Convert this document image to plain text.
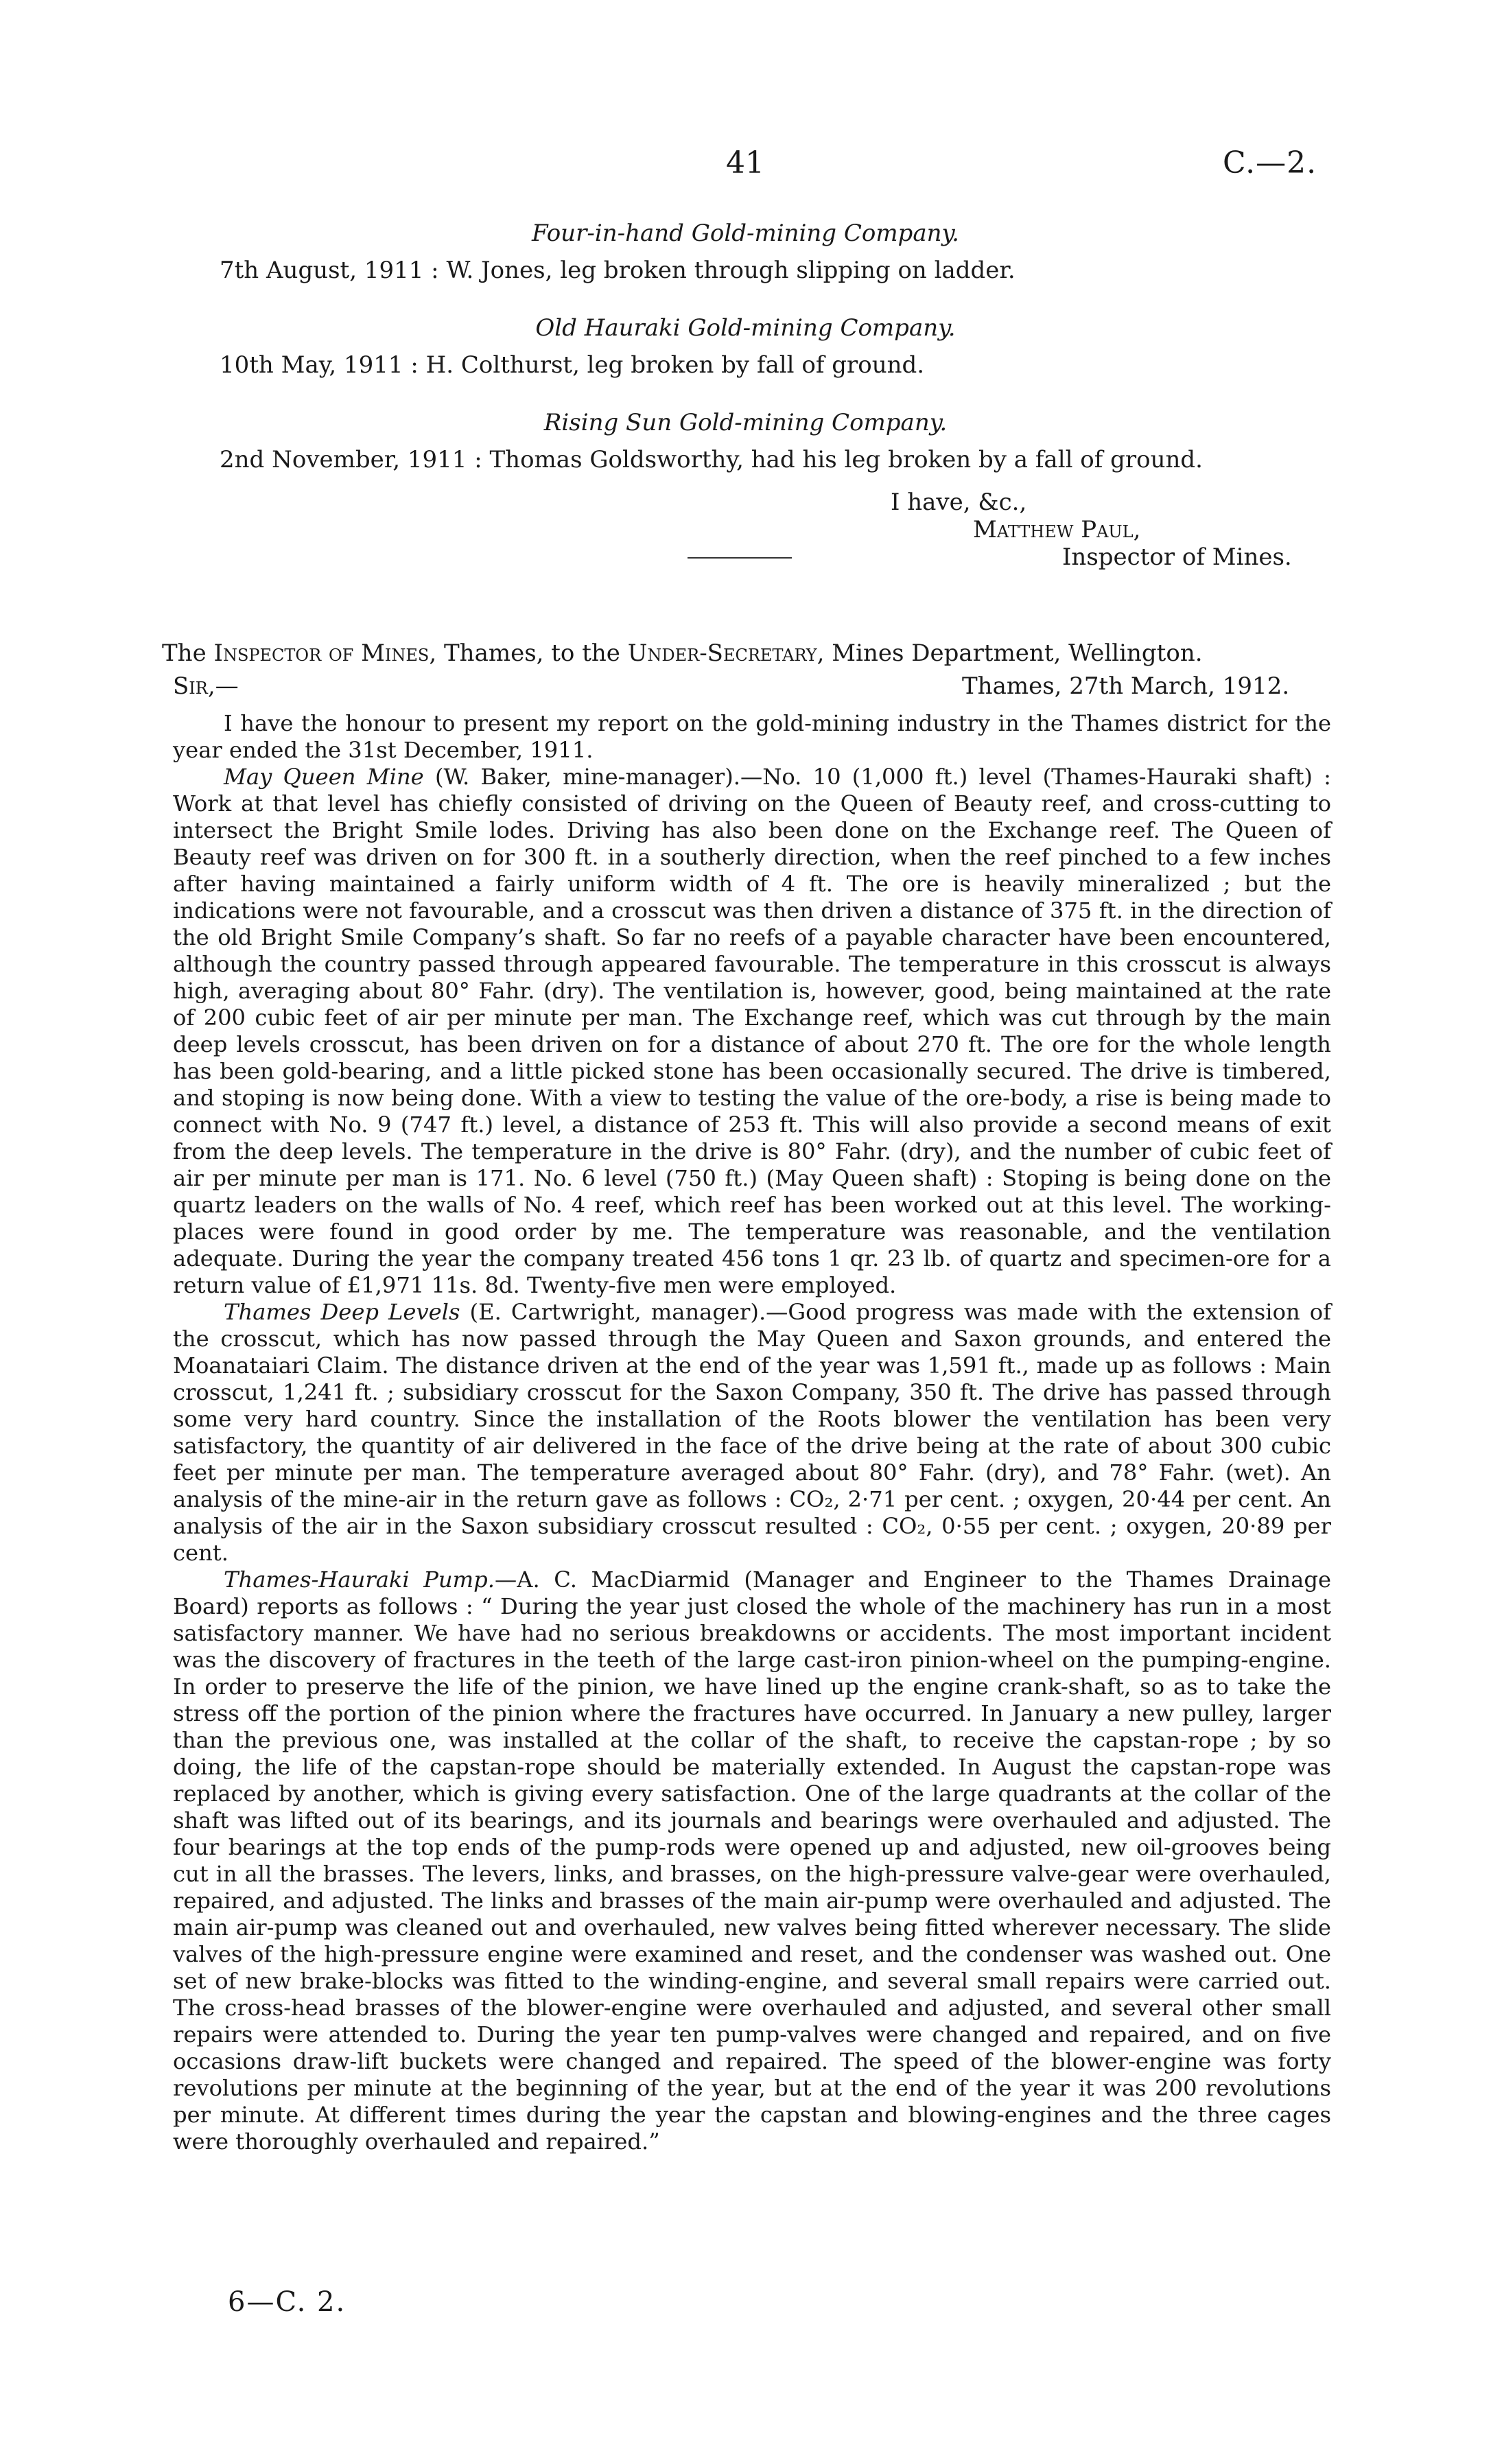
41	C.—2.
Four-in-hand Gold-mining Company.
7th August, 1911 : W. Jones, leg broken through slipping on ladder.
Old Hauraki Gold-mining Company.
10th May, 1911 : H. Colthurst, leg broken by fall of ground.
Rising Sun Gold-mining Company.
2nd November, 1911 : Thomas Goldsworthy, had his leg broken by a fall of ground.
I have, &c.,
Matthew Paul,
Inspector of Mines.
The Inspector of Mines, Thames, to the Under-Secretary, Mines Department, Wellington.
Sir,—	Thames, 27th March, 1912.

I have the honour to present my report on the gold-mining industry in the Thames district for the year ended the 31st December, 1911.

May Queen Mine (W. Baker, mine-manager).—No. 10 (1,000 ft.) level (Thames-Hauraki shaft) : Work at that level has chiefly consisted of driving on the Queen of Beauty reef, and cross-cutting to intersect the Bright Smile lodes. Driving has also been done on the Exchange reef. The Queen of Beauty reef was driven on for 300 ft. in a southerly direction, when the reef pinched to a few inches after having maintained a fairly uniform width of 4 ft. The ore is heavily mineralized ; but the indications were not favourable, and a crosscut was then driven a distance of 375 ft. in the direction of the old Bright Smile Company’s shaft. So far no reefs of a payable character have been encountered, although the country passed through appeared favourable. The temperature in this crosscut is always high, averaging about 80° Fahr. (dry). The ventilation is, however, good, being maintained at the rate of 200 cubic feet of air per minute per man. The Exchange reef, which was cut through by the main deep levels crosscut, has been driven on for a distance of about 270 ft. The ore for the whole length has been gold-bearing, and a little picked stone has been occasionally secured. The drive is timbered, and stoping is now being done. With a view to testing the value of the ore-body, a rise is being made to connect with No. 9 (747 ft.) level, a distance of 253 ft. This will also provide a second means of exit from the deep levels. The temperature in the drive is 80° Fahr. (dry), and the number of cubic feet of air per minute per man is 171. No. 6 level (750 ft.) (May Queen shaft) : Stoping is being done on the quartz leaders on the walls of No. 4 reef, which reef has been worked out at this level. The working-places were found in good order by me. The temperature was reasonable, and the ventilation adequate. During the year the company treated 456 tons 1 qr. 23 lb. of quartz and specimen-ore for a return value of £1,971 11s. 8d. Twenty-five men were employed.

Thames Deep Levels (E. Cartwright, manager).—Good progress was made with the extension of the crosscut, which has now passed through the May Queen and Saxon grounds, and entered the Moanataiari Claim. The distance driven at the end of the year was 1,591 ft., made up as follows : Main crosscut, 1,241 ft. ; subsidiary crosscut for the Saxon Company, 350 ft. The drive has passed through some very hard country. Since the installation of the Roots blower the ventilation has been very satisfactory, the quantity of air delivered in the face of the drive being at the rate of about 300 cubic feet per minute per man. The temperature averaged about 80° Fahr. (dry), and 78° Fahr. (wet). An analysis of the mine-air in the return gave as follows : CO₂, 2·71 per cent. ; oxygen, 20·44 per cent. An analysis of the air in the Saxon subsidiary crosscut resulted : CO₂, 0·55 per cent. ; oxygen, 20·89 per cent.

Thames-Hauraki Pump.—A. C. MacDiarmid (Manager and Engineer to the Thames Drainage Board) reports as follows : “ During the year just closed the whole of the machinery has run in a most satisfactory manner. We have had no serious breakdowns or accidents. The most important incident was the discovery of fractures in the teeth of the large cast-iron pinion-wheel on the pumping-engine. In order to preserve the life of the pinion, we have lined up the engine crank-shaft, so as to take the stress off the portion of the pinion where the fractures have occurred. In January a new pulley, larger than the previous one, was installed at the collar of the shaft, to receive the capstan-rope ; by so doing, the life of the capstan-rope should be materially extended. In August the capstan-rope was replaced by another, which is giving every satisfaction. One of the large quadrants at the collar of the shaft was lifted out of its bearings, and its journals and bearings were overhauled and adjusted. The four bearings at the top ends of the pump-rods were opened up and adjusted, new oil-grooves being cut in all the brasses. The levers, links, and brasses, on the high-pressure valve-gear were overhauled, repaired, and adjusted. The links and brasses of the main air-pump were overhauled and adjusted. The main air-pump was cleaned out and overhauled, new valves being fitted wherever necessary. The slide valves of the high-pressure engine were examined and reset, and the condenser was washed out. One set of new brake-blocks was fitted to the winding-engine, and several small repairs were carried out. The cross-head brasses of the blower-engine were overhauled and adjusted, and several other small repairs were attended to. During the year ten pump-valves were changed and repaired, and on five occasions draw-lift buckets were changed and repaired. The speed of the blower-engine was forty revolutions per minute at the beginning of the year, but at the end of the year it was 200 revolutions per minute. At different times during the year the capstan and blowing-engines and the three cages were thoroughly overhauled and repaired.”

6—C. 2.
